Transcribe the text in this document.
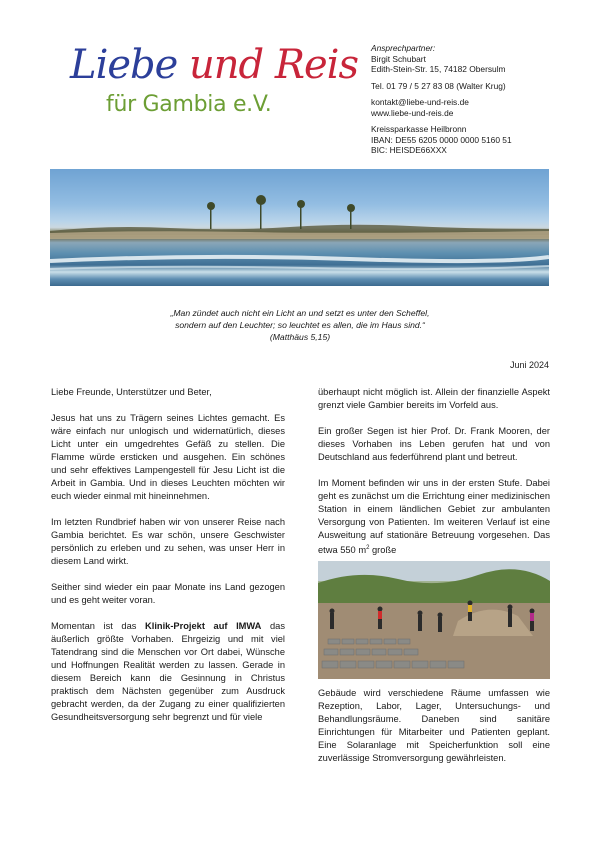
Liebe und Reis
für Gambia e.V.
Ansprechpartner:
Birgit Schubart
Edith-Stein-Str. 15, 74182 Obersulm
Tel. 01 79 / 5 27 83 08 (Walter Krug)
kontakt@liebe-und-reis.de
www.liebe-und-reis.de
Kreissparkasse Heilbronn
IBAN: DE55 6205 0000 0000 5160 51
BIC: HEISDE66XXX
„Man zündet auch nicht ein Licht an und setzt es unter den Scheffel,
sondern auf den Leuchter; so leuchtet es allen, die im Haus sind.“
(Matthäus 5,15)
Juni 2024

Liebe Freunde, Unterstützer und Beter,

Jesus hat uns zu Trägern seines Lichtes gemacht. Es wäre einfach nur unlogisch und widernatürlich, dieses Licht unter ein umgedrehtes Gefäß zu stellen. Die Flamme würde ersticken und ausgehen. Ein schönes und sehr effektives Lampengestell für Jesu Licht ist die Arbeit in Gambia. Und in dieses Leuchten möchten wir euch wieder einmal mit hineinnehmen.

Im letzten Rundbrief haben wir von unserer Reise nach Gambia berichtet. Es war schön, unsere Geschwister persönlich zu erleben und zu sehen, was unser Herr in diesem Land wirkt.

Seither sind wieder ein paar Monate ins Land gezogen und es geht weiter voran.

Momentan ist das Klinik-Projekt auf IMWA das äußerlich größte Vorhaben. Ehrgeizig und mit viel Tatendrang sind die Menschen vor Ort dabei, Wünsche und Hoffnungen Realität werden zu lassen. Gerade in diesem Bereich kann die Gesinnung in Christus praktisch dem Nächsten gegenüber zum Ausdruck gebracht werden, da der Zugang zu einer qualifizierten Gesundheitsversorgung sehr begrenzt und für viele

überhaupt nicht möglich ist. Allein der finanzielle Aspekt grenzt viele Gambier bereits im Vorfeld aus.

Ein großer Segen ist hier Prof. Dr. Frank Mooren, der dieses Vorhaben ins Leben gerufen hat und von Deutschland aus federführend plant und betreut.

Im Moment befinden wir uns in der ersten Stufe. Dabei geht es zunächst um die Errichtung einer medizinischen Station in einem ländlichen Gebiet zur ambulanten Versorgung von Patienten. Im weiteren Verlauf ist eine Ausweitung auf stationäre Betreuung vorgesehen. Das etwa 550 $m^2$ große

Gebäude wird verschiedene Räume umfassen wie Rezeption, Labor, Lager, Untersuchungs- und Behandlungsräume. Daneben sind sanitäre Einrichtungen für Mitarbeiter und Patienten geplant. Eine Solaranlage mit Speicherfunktion soll eine zuverlässige Stromversorgung gewährleisten.
